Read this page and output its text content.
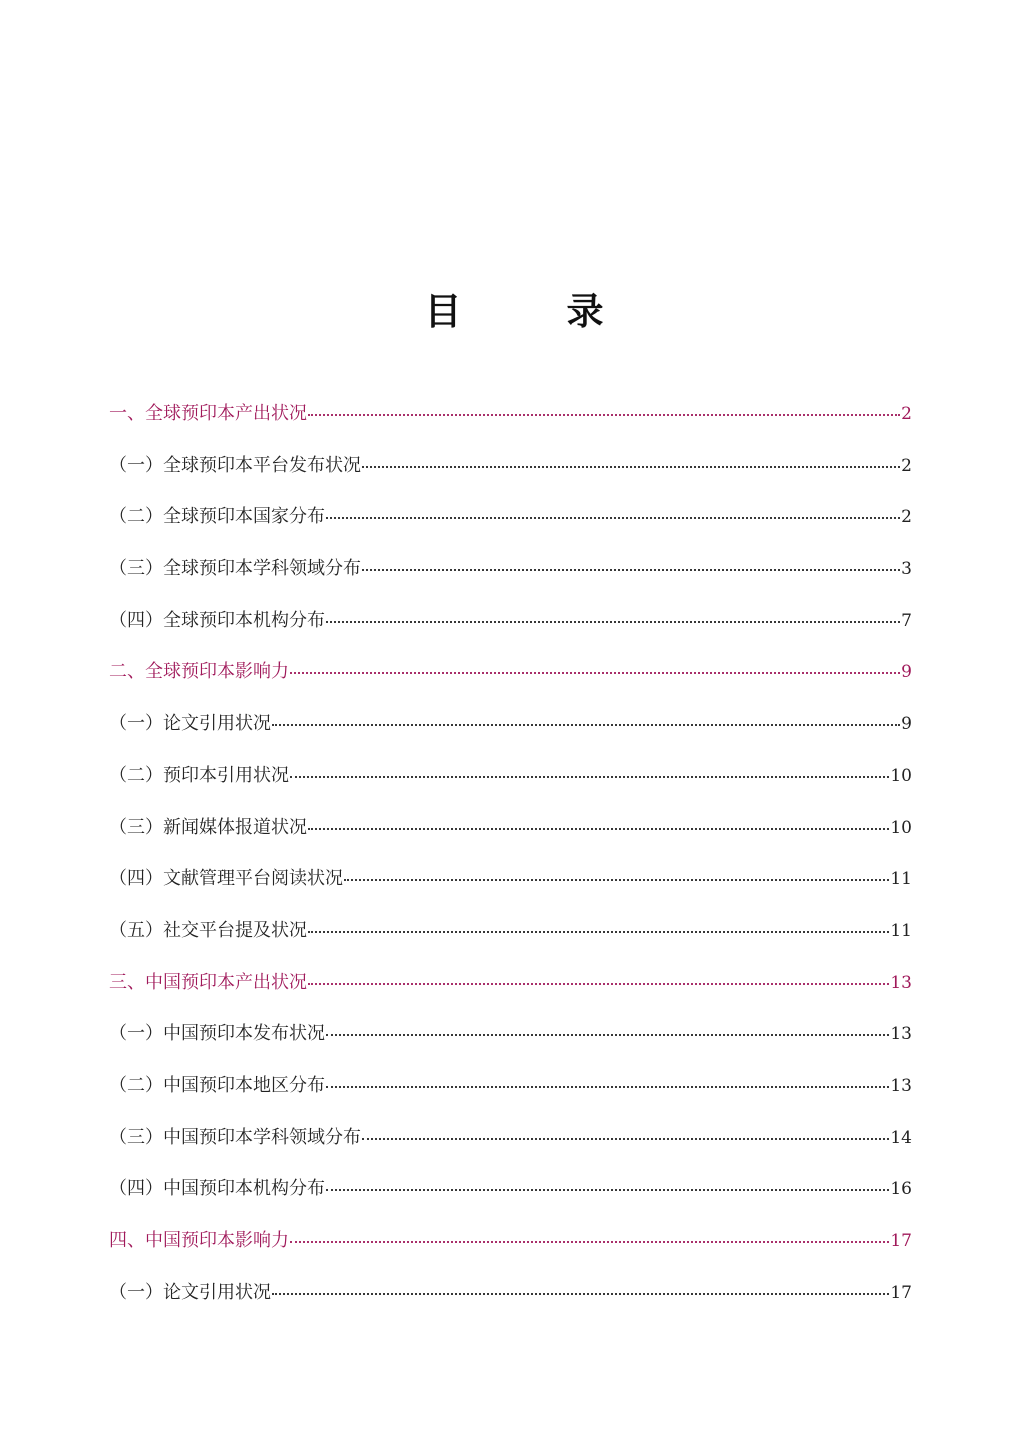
目　录
一、全球预印本产出状况	2
（一）全球预印本平台发布状况	2
（二）全球预印本国家分布	2
（三）全球预印本学科领域分布	3
（四）全球预印本机构分布	7
二、全球预印本影响力	9
（一）论文引用状况	9
（二）预印本引用状况	10
（三）新闻媒体报道状况	10
（四）文献管理平台阅读状况	11
（五）社交平台提及状况	11
三、中国预印本产出状况	13
（一）中国预印本发布状况	13
（二）中国预印本地区分布	13
（三）中国预印本学科领域分布	14
（四）中国预印本机构分布	16
四、中国预印本影响力	17
（一）论文引用状况	17
